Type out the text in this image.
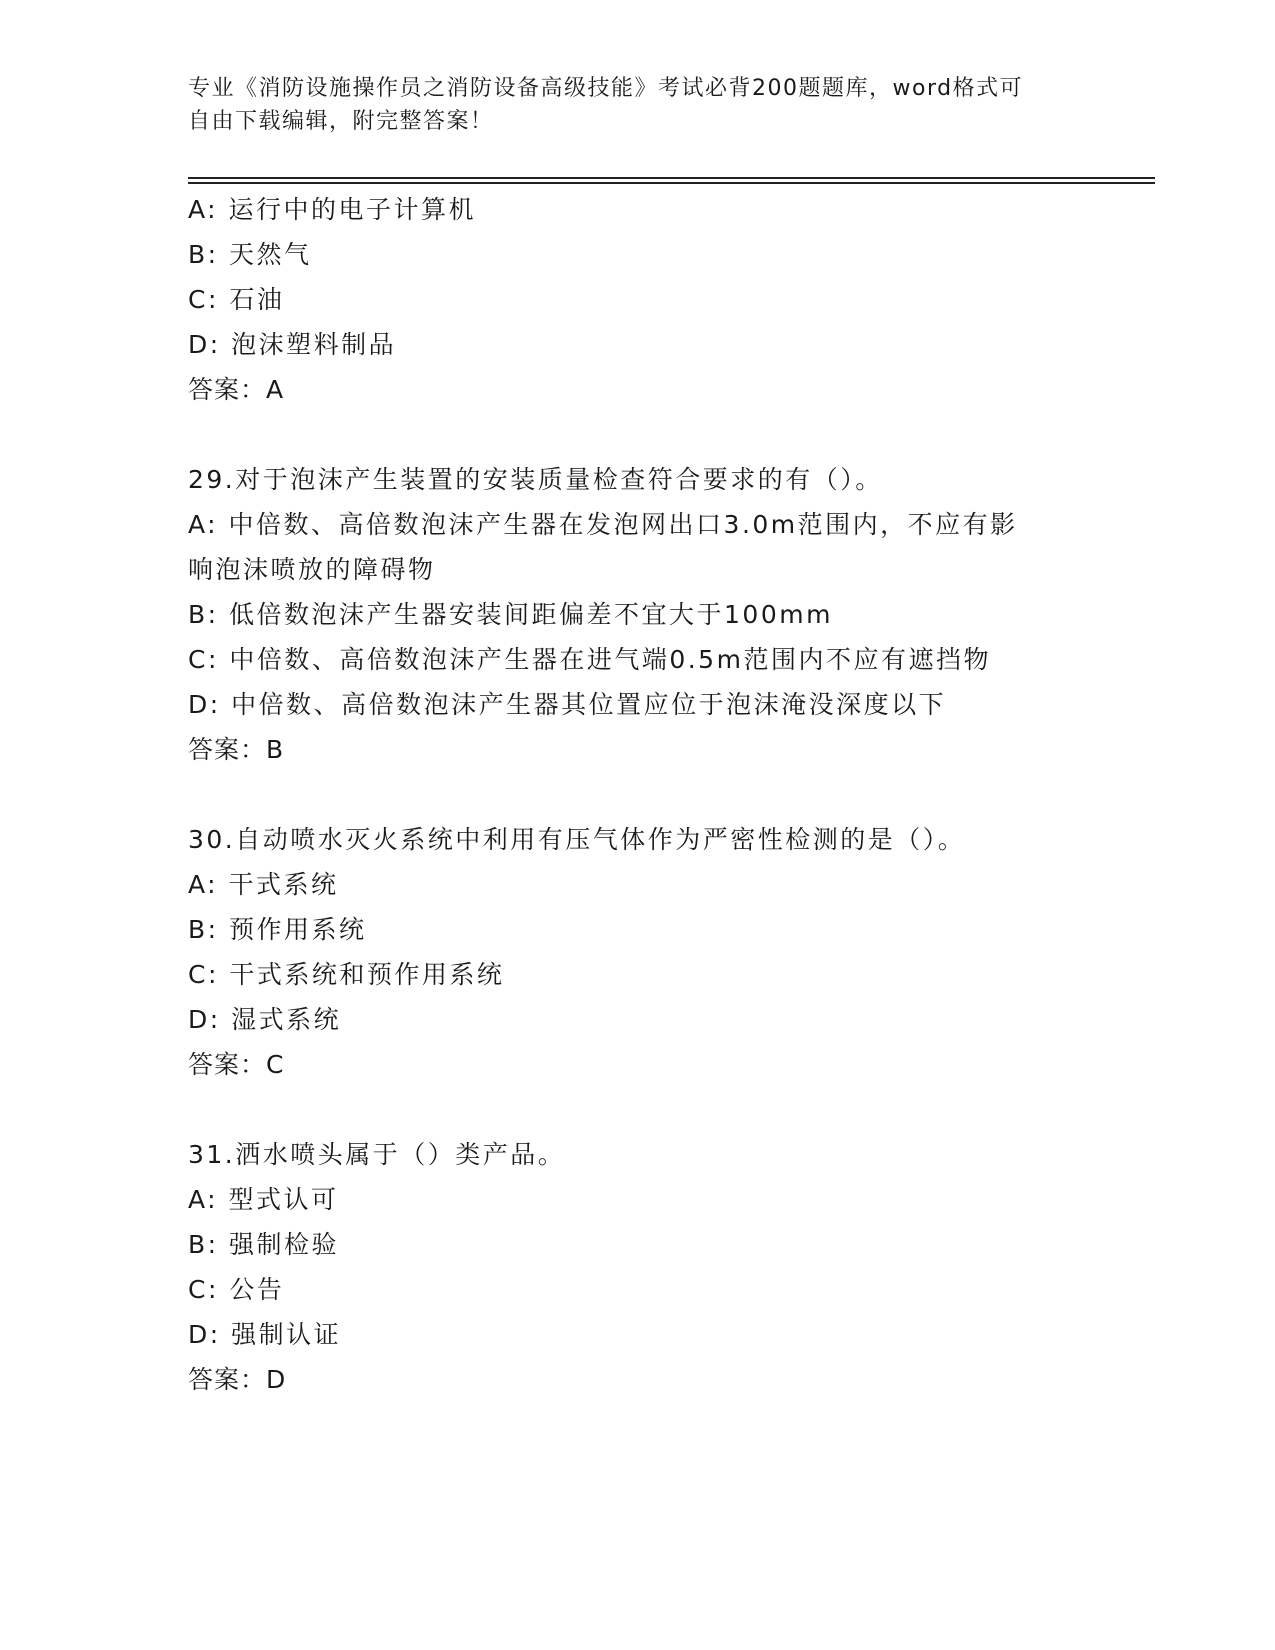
专业《消防设施操作员之消防设备高级技能》考试必背200题题库，word格式可
自由下载编辑，附完整答案！
A: 运行中的电子计算机
B: 天然气
C: 石油
D: 泡沫塑料制品
答案：A
29.对于泡沫产生装置的安装质量检查符合要求的有（）。
A: 中倍数、高倍数泡沫产生器在发泡网出口3.0m范围内，不应有影
响泡沫喷放的障碍物
B: 低倍数泡沫产生器安装间距偏差不宜大于100mm
C: 中倍数、高倍数泡沫产生器在进气端0.5m范围内不应有遮挡物
D: 中倍数、高倍数泡沫产生器其位置应位于泡沫淹没深度以下
答案：B
30.自动喷水灭火系统中利用有压气体作为严密性检测的是（）。
A: 干式系统
B: 预作用系统
C: 干式系统和预作用系统
D: 湿式系统
答案：C
31.洒水喷头属于（）类产品。
A: 型式认可
B: 强制检验
C: 公告
D: 强制认证
答案：D
